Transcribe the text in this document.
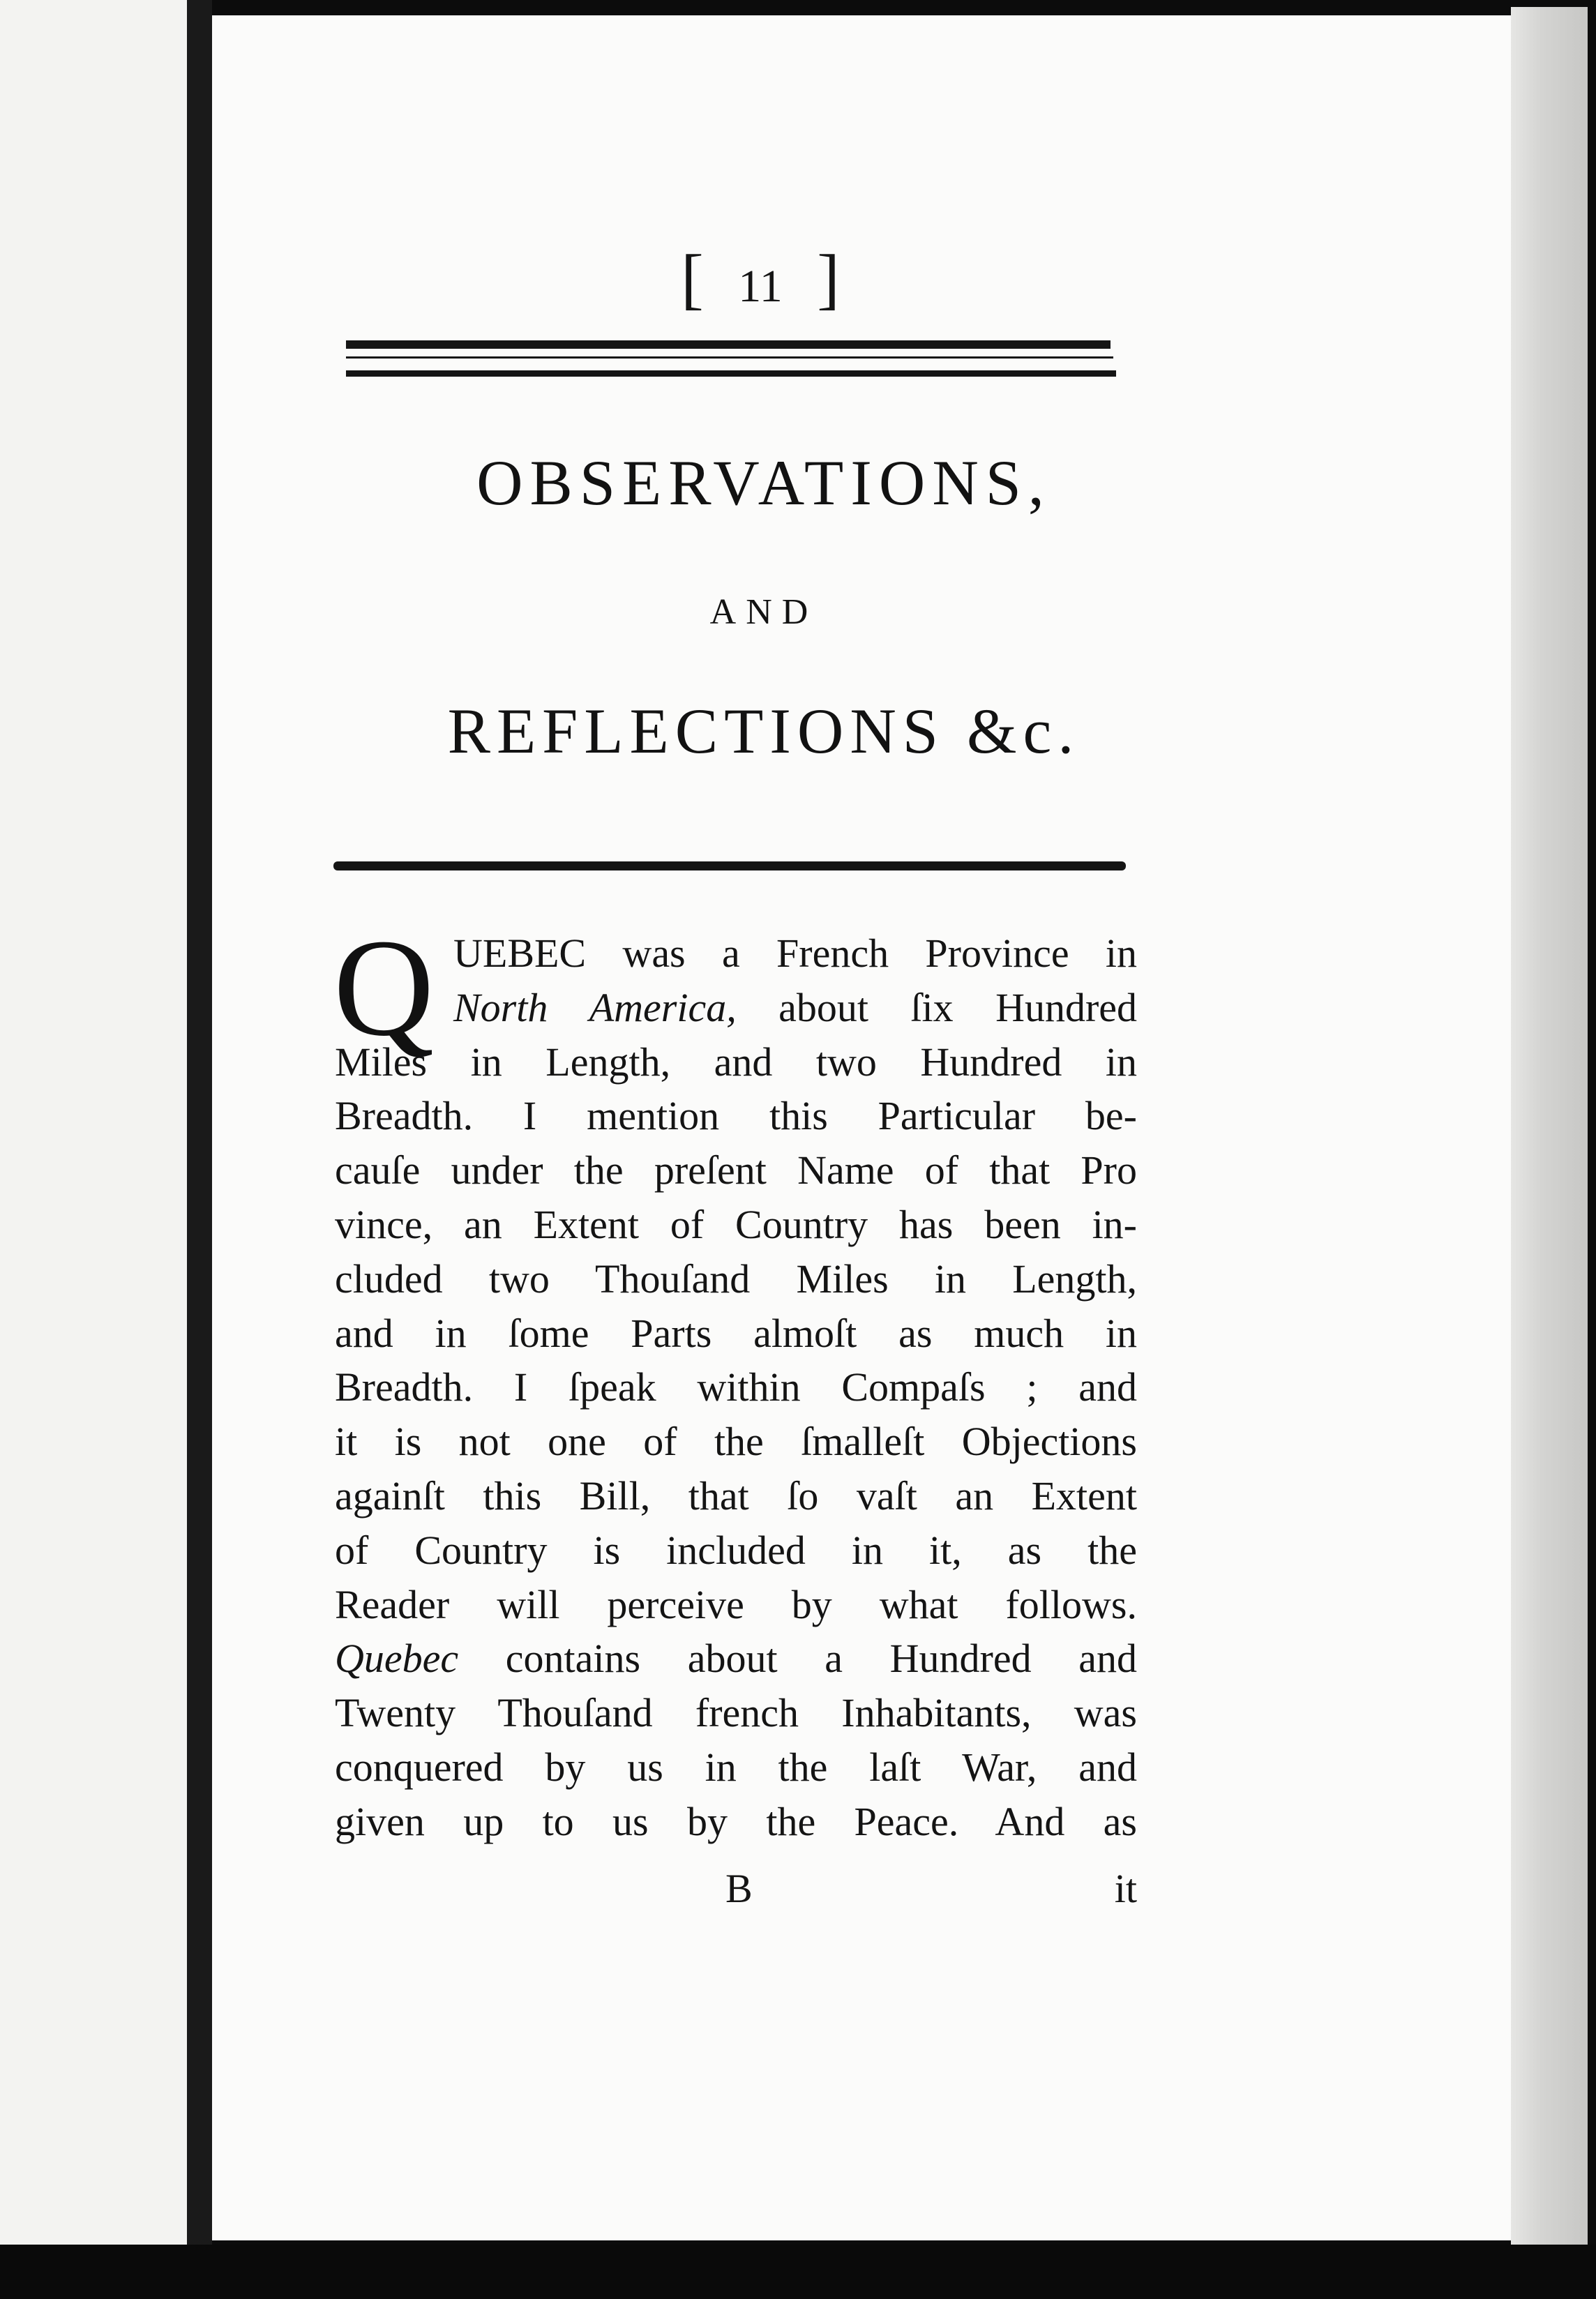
[ 11 ]
OBSERVATIONS,
AND
REFLECTIONS &c.
Q UEBEC was a French Province in
North America, about ſix Hundred
Miles in Length, and two Hundred in
Breadth. I mention this Particular be-
cauſe under the preſent Name of that Pro
vince, an Extent of Country has been in-
cluded two Thouſand Miles in Length,
and in ſome Parts almoſt as much in
Breadth. I ſpeak within Compaſs ; and
it is not one of the ſmalleſt Objections
againſt this Bill, that ſo vaſt an Extent
of Country is included in it, as the
Reader will perceive by what follows.
Quebec contains about a Hundred and
Twenty Thouſand french Inhabitants, was
conquered by us in the laſt War, and
given up to us by the Peace. And as
B	it
